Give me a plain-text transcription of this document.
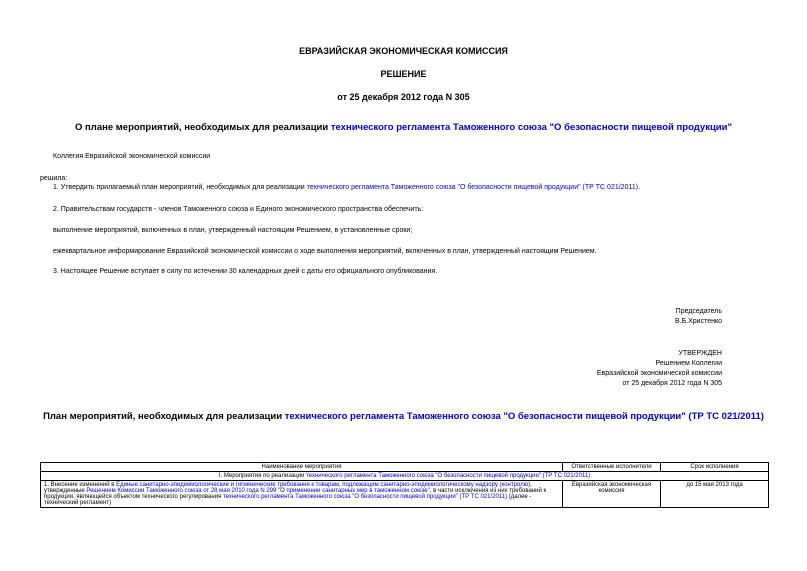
ЕВРАЗИЙСКАЯ ЭКОНОМИЧЕСКАЯ КОМИССИЯ
РЕШЕНИЕ
от 25 декабря 2012 года N 305
О плане мероприятий, необходимых для реализации технического регламента Таможенного союза "О безопасности пищевой продукции"
Коллегия Евразийской экономической комиссии
решила:
1. Утвердить прилагаемый план мероприятий, необходимых для реализации технического регламента Таможенного союза "О безопасности пищевой продукции" (ТР ТС 021/2011).
2. Правительствам государств - членов Таможенного союза и Единого экономического пространства обеспечить:
выполнение мероприятий, включенных в план, утвержденный настоящим Решением, в установленные сроки;
ежеквартальное информирование Евразийской экономической комиссии о ходе выполнения мероприятий, включенных в план, утвержденный настоящим Решением.
3. Настоящее Решение вступает в силу по истечении 30 календарных дней с даты его официального опубликования.
Председатель
В.Б.Христенко
УТВЕРЖДЕН
Решением Коллегии
Евразийской экономической комиссии
от 25 декабря 2012 года N 305
План мероприятий, необходимых для реализации технического регламента Таможенного союза "О безопасности пищевой продукции" (ТР ТС 021/2011)
Наименование мероприятия	Ответственные исполнители	Срок исполнения
I. Мероприятия по реализации технического регламента Таможенного союза "О безопасности пищевой продукции" (ТР ТС 021/2011)		
1. Внесение изменений в Единые санитарно-эпидемиологические и гигиенические требования к товарам, подлежащим санитарно-эпидемиологическому надзору (контролю), утвержденные Решением Комиссии Таможенного союза от 28 мая 2010 года N 299 "О применении санитарных мер в таможенном союзе", в части исключения из них требований к продукции, являющейся объектом технического регулирования технического регламента Таможенного союза "О безопасности пищевой продукции" (ТР ТС 021/2011) (далее - технический регламент)	Евразийская экономическая комиссия	до 15 мая 2013 года
